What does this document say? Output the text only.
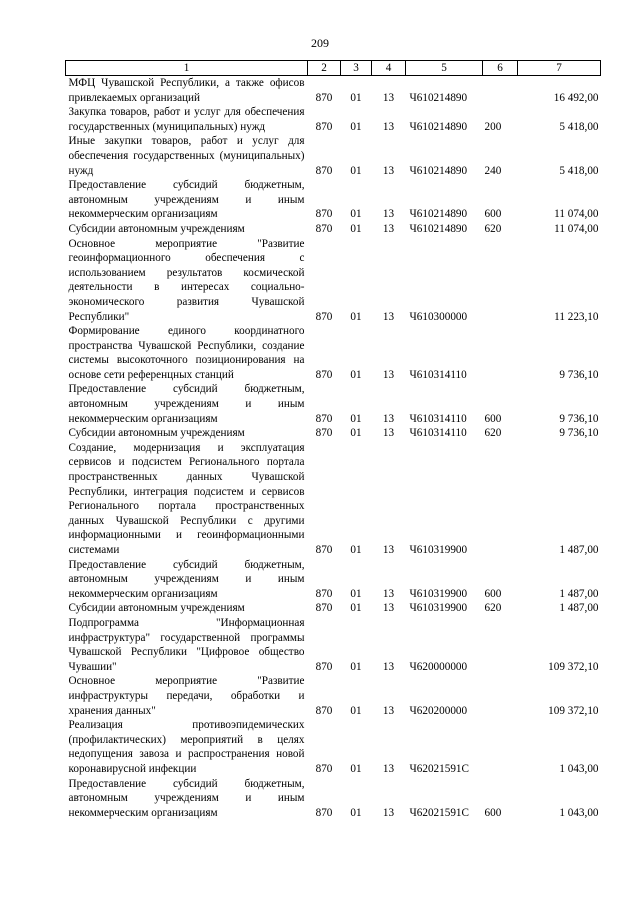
209
1	2	3	4	5	6	7
МФЦ Чувашской Республики, а также офисов привлекаемых организаций	870	01	13	Ч610214890		16 492,00
Закупка товаров, работ и услуг для обеспечения государственных (муниципальных) нужд	870	01	13	Ч610214890	200	5 418,00
Иные закупки товаров, работ и услуг для обеспечения государственных (муниципальных) нужд	870	01	13	Ч610214890	240	5 418,00
Предоставление субсидий бюджетным, автономным учреждениям и иным некоммерческим организациям	870	01	13	Ч610214890	600	11 074,00
Субсидии автономным учреждениям	870	01	13	Ч610214890	620	11 074,00
Основное мероприятие "Развитие геоинформационного обеспечения с использованием результатов космической деятельности в интересах социально-экономического развития Чувашской Республики"	870	01	13	Ч610300000		11 223,10
Формирование единого координатного пространства Чувашской Республики, создание системы высокоточного позиционирования на основе сети референцных станций	870	01	13	Ч610314110		9 736,10
Предоставление субсидий бюджетным, автономным учреждениям и иным некоммерческим организациям	870	01	13	Ч610314110	600	9 736,10
Субсидии автономным учреждениям	870	01	13	Ч610314110	620	9 736,10
Создание, модернизация и эксплуатация сервисов и подсистем Регионального портала пространственных данных Чувашской Республики, интеграция подсистем и сервисов Регионального портала пространственных данных Чувашской Республики с другими информационными и геоинформационными системами	870	01	13	Ч610319900		1 487,00
Предоставление субсидий бюджетным, автономным учреждениям и иным некоммерческим организациям	870	01	13	Ч610319900	600	1 487,00
Субсидии автономным учреждениям	870	01	13	Ч610319900	620	1 487,00
Подпрограмма "Информационная инфраструктура" государственной программы Чувашской Республики "Цифровое общество Чувашии"	870	01	13	Ч620000000		109 372,10
Основное мероприятие "Развитие инфраструктуры передачи, обработки и хранения данных"	870	01	13	Ч620200000		109 372,10
Реализация противоэпидемических (профилактических) мероприятий в целях недопущения завоза и распространения новой коронавирусной инфекции	870	01	13	Ч62021591С		1 043,00
Предоставление субсидий бюджетным, автономным учреждениям и иным некоммерческим организациям	870	01	13	Ч62021591С	600	1 043,00
